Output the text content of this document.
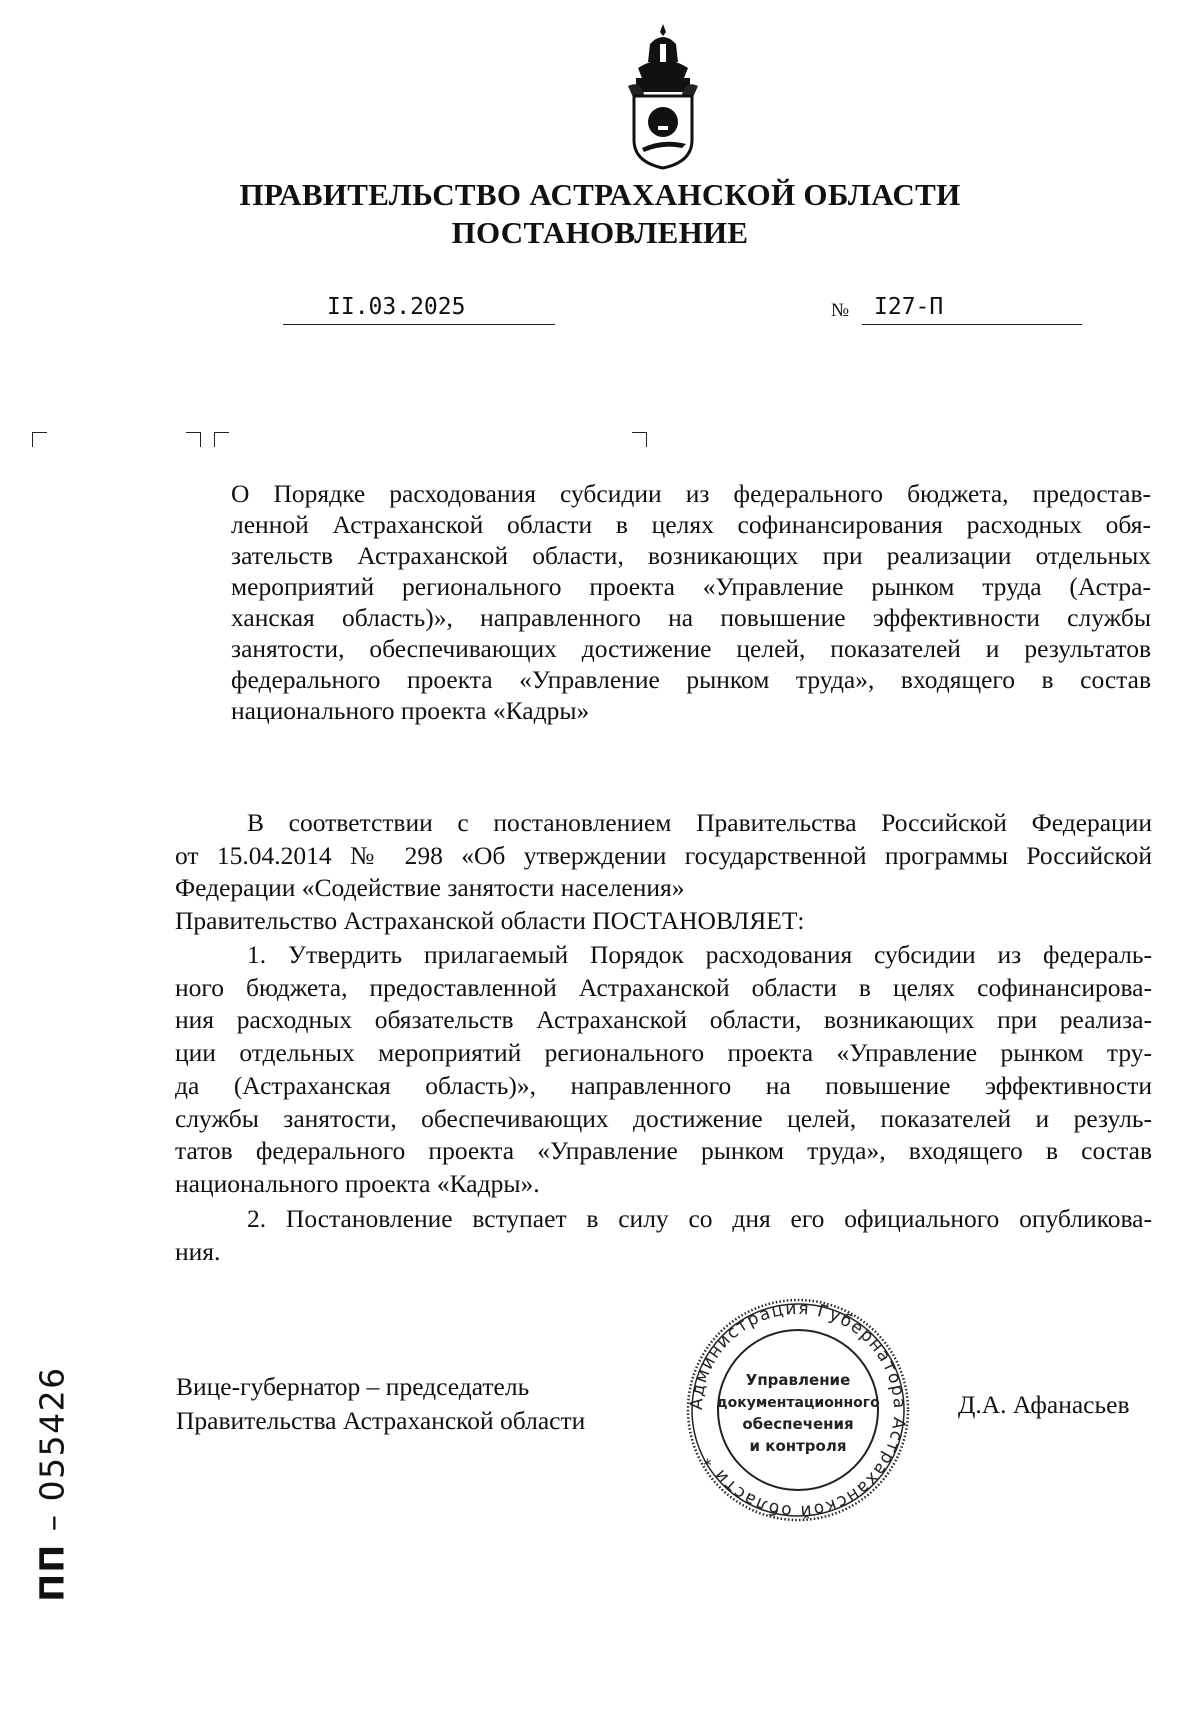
ПРАВИТЕЛЬСТВО АСТРАХАНСКОЙ ОБЛАСТИ
ПОСТАНОВЛЕНИЕ
II.03.2025	№ I27-П
О Порядке расходования субсидии из федерального бюджета, предостав-
ленной Астраханской области в целях софинансирования расходных обя-
зательств Астраханской области, возникающих при реализации отдельных
мероприятий регионального проекта «Управление рынком труда (Астра-
ханская область)», направленного на повышение эффективности службы
занятости, обеспечивающих достижение целей, показателей и результатов
федерального проекта «Управление рынком труда», входящего в состав
национального проекта «Кадры»
В соответствии с постановлением Правительства Российской Федерации
от 15.04.2014 № 298 «Об утверждении государственной программы Российской
Федерации «Содействие занятости населения»
Правительство Астраханской области ПОСТАНОВЛЯЕТ:
1. Утвердить прилагаемый Порядок расходования субсидии из федераль-
ного бюджета, предоставленной Астраханской области в целях софинансирова-
ния расходных обязательств Астраханской области, возникающих при реализа-
ции отдельных мероприятий регионального проекта «Управление рынком тру-
да (Астраханская область)», направленного на повышение эффективности
службы занятости, обеспечивающих достижение целей, показателей и резуль-
татов федерального проекта «Управление рынком труда», входящего в состав
национального проекта «Кадры».
2. Постановление вступает в силу со дня его официального опубликова-
ния.
Вице-губернатор – председатель
Правительства Астраханской области
Администрация Губернатора Астраханской области *
Управление
документационного
обеспечения
и контроля
Д.А. Афанасьев
ПП – 055426
